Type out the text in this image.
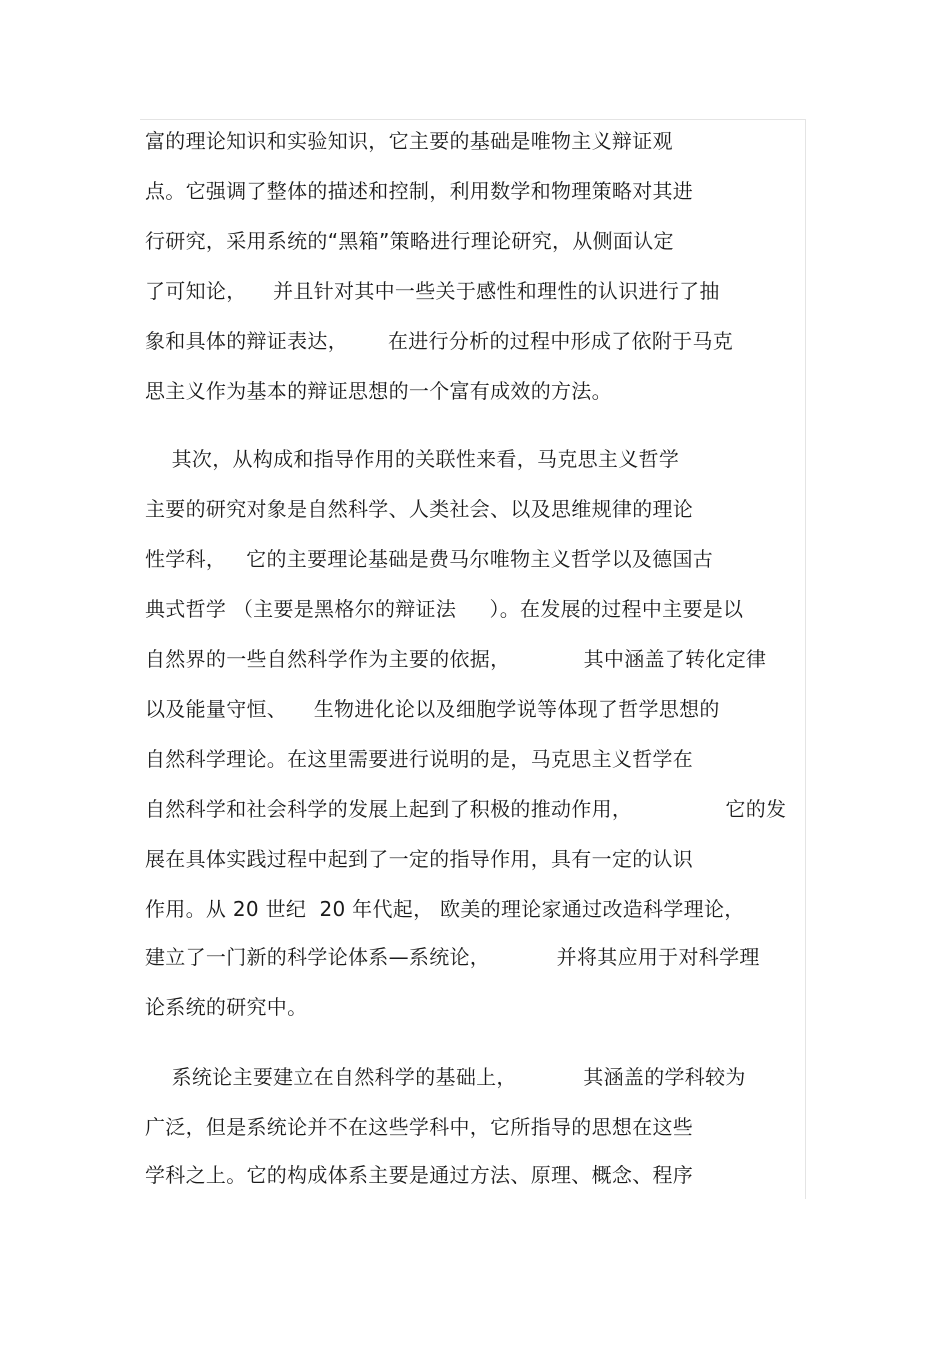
富的理论知识和实验知识，它主要的基础是唯物主义辩证观
点。它强调了整体的描述和控制，利用数学和物理策略对其进
行研究，采用系统的“黑箱”策略进行理论研究，从侧面认定
了可知论，    并且针对其中一些关于感性和理性的认识进行了抽
象和具体的辩证表达，      在进行分析的过程中形成了依附于马克
思主义作为基本的辩证思想的一个富有成效的方法。
其次，从构成和指导作用的关联性来看，马克思主义哲学
主要的研究对象是自然科学、人类社会、以及思维规律的理论
性学科，   它的主要理论基础是费马尔唯物主义哲学以及德国古
典式哲学 （主要是黑格尔的辩证法     ）。在发展的过程中主要是以
自然界的一些自然科学作为主要的依据，           其中涵盖了转化定律
以及能量守恒、    生物进化论以及细胞学说等体现了哲学思想的
自然科学理论。在这里需要进行说明的是，马克思主义哲学在
自然科学和社会科学的发展上起到了积极的推动作用，              它的发
展在具体实践过程中起到了一定的指导作用，具有一定的认识
作用。从 20 世纪  20 年代起， 欧美的理论家通过改造科学理论，
建立了一门新的科学论体系—系统论，          并将其应用于对科学理
论系统的研究中。
系统论主要建立在自然科学的基础上，          其涵盖的学科较为
广泛，但是系统论并不在这些学科中，它所指导的思想在这些
学科之上。它的构成体系主要是通过方法、原理、概念、程序
